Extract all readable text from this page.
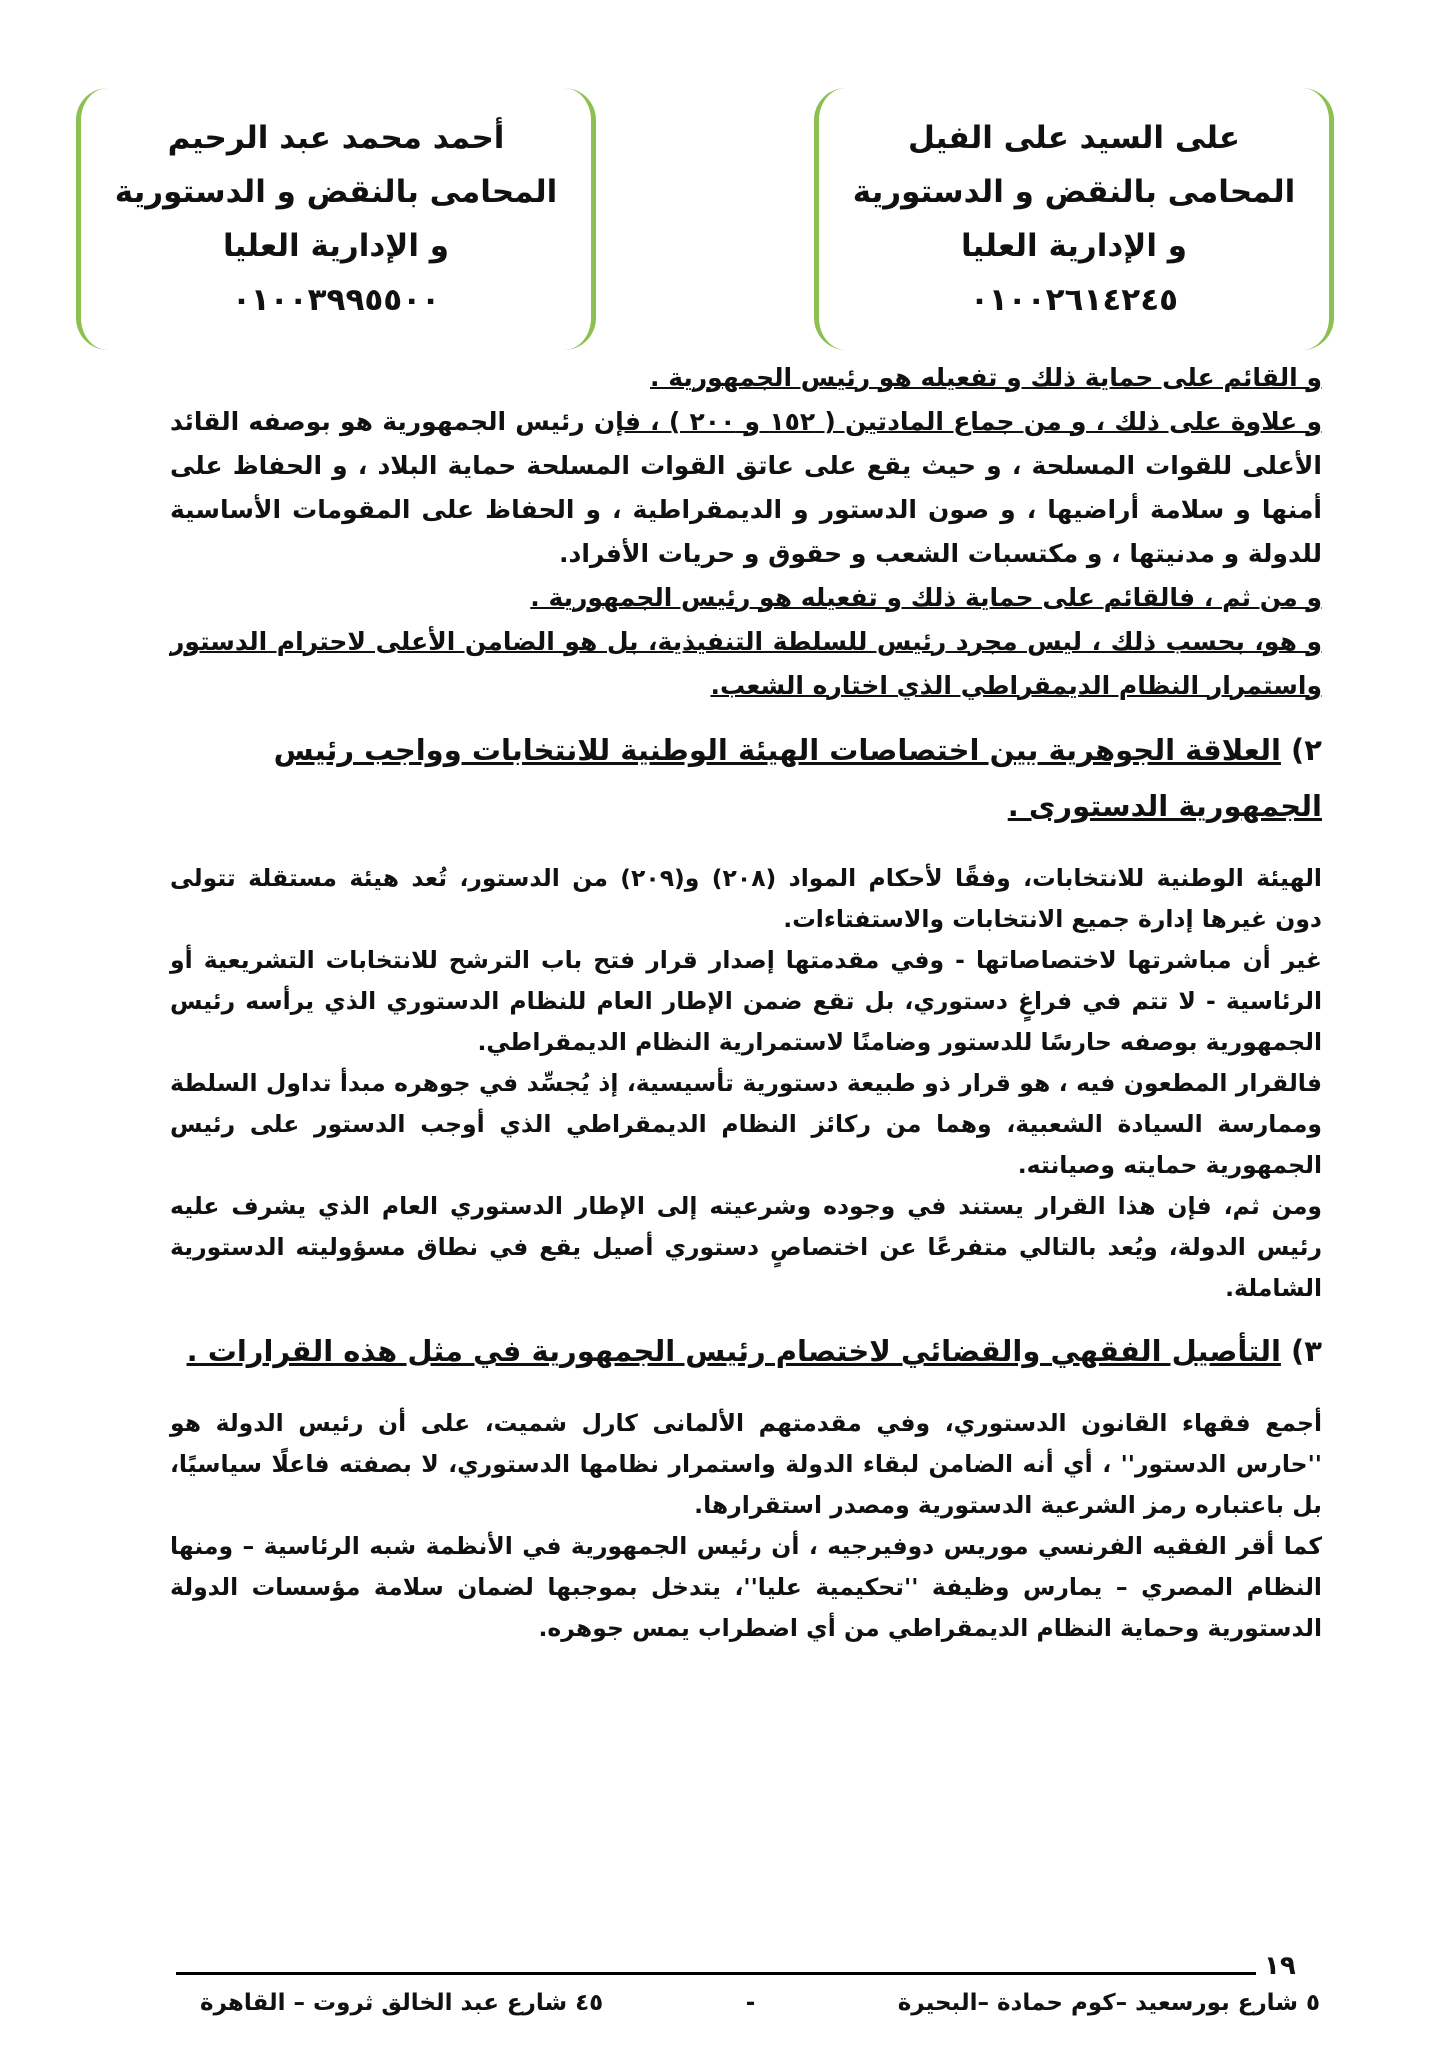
على السيد على الفيل
المحامى بالنقض و الدستورية
و الإدارية العليا
٠١٠٠٢٦١٤٢٤٥
أحمد محمد عبد الرحيم
المحامى بالنقض و الدستورية
و الإدارية العليا
٠١٠٠٣٩٩٥٥٠٠

و القائم على حماية ذلك و تفعيله هو رئيس الجمهورية .

و علاوة على ذلك ، و من جماع المادتين ( ١٥٢ و ٢٠٠ ) ، فإن رئيس الجمهورية هو بوصفه القائد الأعلى للقوات المسلحة ، و حيث يقع على عاتق القوات المسلحة حماية البلاد ، و الحفاظ على أمنها و سلامة أراضيها ، و صون الدستور و الديمقراطية ، و الحفاظ على المقومات الأساسية للدولة و مدنيتها ، و مكتسبات الشعب و حقوق و حريات الأفراد.

و من ثم ، فالقائم على حماية ذلك و تفعيله هو رئيس الجمهورية .

و هو، بحسب ذلك ، ليس مجرد رئيس للسلطة التنفيذية، بل هو الضامن الأعلى لاحترام الدستور واستمرار النظام الديمقراطي الذي اختاره الشعب.

٢) العلاقة الجوهرية بين اختصاصات الهيئة الوطنية للانتخابات وواجب رئيس الجمهورية الدستورى .

الهيئة الوطنية للانتخابات، وفقًا لأحكام المواد (٢٠٨) و(٢٠٩) من الدستور، تُعد هيئة مستقلة تتولى دون غيرها إدارة جميع الانتخابات والاستفتاءات.

غير أن مباشرتها لاختصاصاتها - وفي مقدمتها إصدار قرار فتح باب الترشح للانتخابات التشريعية أو الرئاسية - لا تتم في فراغٍ دستوري، بل تقع ضمن الإطار العام للنظام الدستوري الذي يرأسه رئيس الجمهورية بوصفه حارسًا للدستور وضامنًا لاستمرارية النظام الديمقراطي.

فالقرار المطعون فيه ، هو قرار ذو طبيعة دستورية تأسيسية، إذ يُجسِّد في جوهره مبدأ تداول السلطة وممارسة السيادة الشعبية، وهما من ركائز النظام الديمقراطي الذي أوجب الدستور على رئيس الجمهورية حمايته وصيانته.

ومن ثم، فإن هذا القرار يستند في وجوده وشرعيته إلى الإطار الدستوري العام الذي يشرف عليه رئيس الدولة، ويُعد بالتالي متفرعًا عن اختصاصٍ دستوري أصيل يقع في نطاق مسؤوليته الدستورية الشاملة.

٣) التأصيل الفقهي والقضائي لاختصام رئيس الجمهورية في مثل هذه القرارات .

أجمع فقهاء القانون الدستوري، وفي مقدمتهم الألمانى كارل شميت، على أن رئيس الدولة هو ''حارس الدستور'' ، أي أنه الضامن لبقاء الدولة واستمرار نظامها الدستوري، لا بصفته فاعلًا سياسيًا، بل باعتباره رمز الشرعية الدستورية ومصدر استقرارها.

كما أقر الفقيه الفرنسي موريس دوفيرجيه ، أن رئيس الجمهورية في الأنظمة شبه الرئاسية – ومنها النظام المصري – يمارس وظيفة ''تحكيمية عليا''، يتدخل بموجبها لضمان سلامة مؤسسات الدولة الدستورية وحماية النظام الديمقراطي من أي اضطراب يمس جوهره.

١٩
٥ شارع بورسعيد –كوم حمادة –البحيرة
-
٤٥ شارع عبد الخالق ثروت – القاهرة
